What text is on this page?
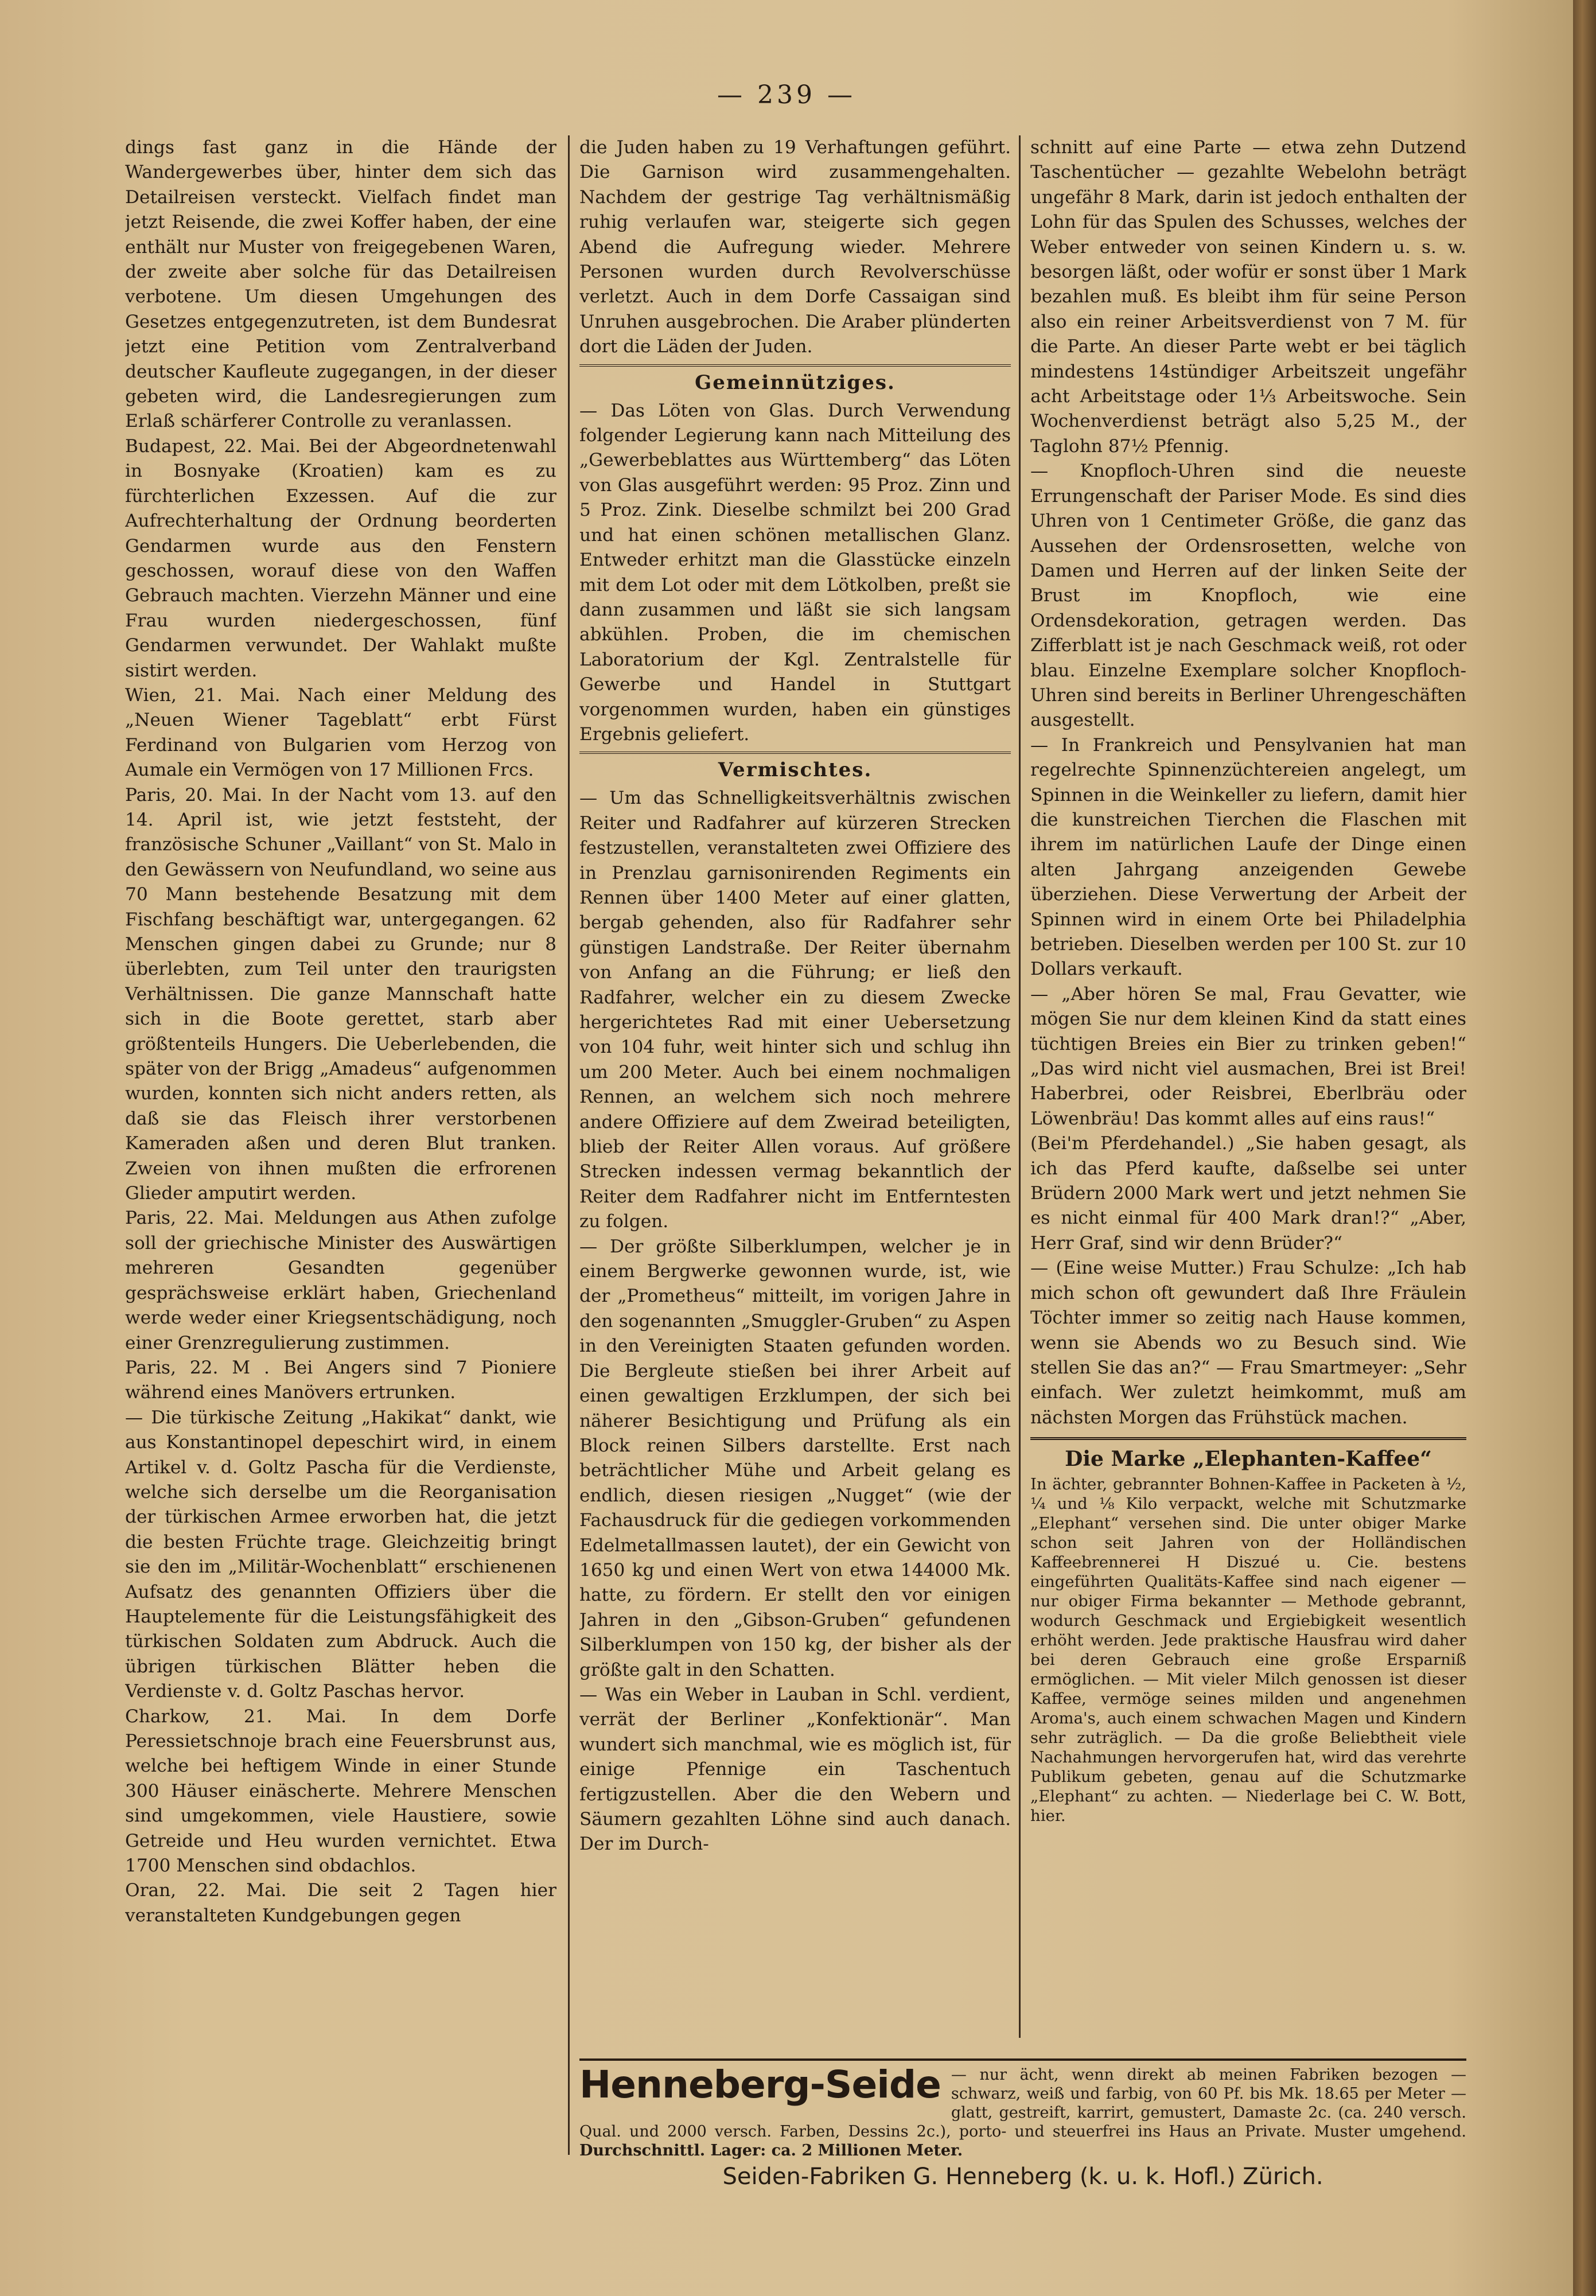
— 239 —

dings fast ganz in die Hände der Wandergewerbes über, hinter dem sich das Detailreisen versteckt. Vielfach findet man jetzt Reisende, die zwei Koffer haben, der eine enthält nur Muster von freigegebenen Waren, der zweite aber solche für das Detailreisen verbotene. Um diesen Umgehungen des Gesetzes entgegenzutreten, ist dem Bundesrat jetzt eine Petition vom Zentralverband deutscher Kaufleute zugegangen, in der dieser gebeten wird, die Landesregierungen zum Erlaß schärferer Controlle zu veranlassen.

Budapest, 22. Mai. Bei der Abgeordnetenwahl in Bosnyake (Kroatien) kam es zu fürchterlichen Exzessen. Auf die zur Aufrechterhaltung der Ordnung beorderten Gendarmen wurde aus den Fenstern geschossen, worauf diese von den Waffen Gebrauch machten. Vierzehn Männer und eine Frau wurden niedergeschossen, fünf Gendarmen verwundet. Der Wahlakt mußte sistirt werden.

Wien, 21. Mai. Nach einer Meldung des „Neuen Wiener Tageblatt“ erbt Fürst Ferdinand von Bulgarien vom Herzog von Aumale ein Vermögen von 17 Millionen Frcs.

Paris, 20. Mai. In der Nacht vom 13. auf den 14. April ist, wie jetzt feststeht, der französische Schuner „Vaillant“ von St. Malo in den Gewässern von Neufundland, wo seine aus 70 Mann bestehende Besatzung mit dem Fischfang beschäftigt war, untergegangen. 62 Menschen gingen dabei zu Grunde; nur 8 überlebten, zum Teil unter den traurigsten Verhältnissen. Die ganze Mannschaft hatte sich in die Boote gerettet, starb aber größtenteils Hungers. Die Ueberlebenden, die später von der Brigg „Amadeus“ aufgenommen wurden, konnten sich nicht anders retten, als daß sie das Fleisch ihrer verstorbenen Kameraden aßen und deren Blut tranken. Zweien von ihnen mußten die erfrorenen Glieder amputirt werden.

Paris, 22. Mai. Meldungen aus Athen zufolge soll der griechische Minister des Auswärtigen mehreren Gesandten gegenüber gesprächsweise erklärt haben, Griechenland werde weder einer Kriegsentschädigung, noch einer Grenzregulierung zustimmen.

Paris, 22. M . Bei Angers sind 7 Pioniere während eines Manövers ertrunken.

— Die türkische Zeitung „Hakikat“ dankt, wie aus Konstantinopel depeschirt wird, in einem Artikel v. d. Goltz Pascha für die Verdienste, welche sich derselbe um die Reorganisation der türkischen Armee erworben hat, die jetzt die besten Früchte trage. Gleichzeitig bringt sie den im „Militär-Wochenblatt“ erschienenen Aufsatz des genannten Offiziers über die Hauptelemente für die Leistungsfähigkeit des türkischen Soldaten zum Abdruck. Auch die übrigen türkischen Blätter heben die Verdienste v. d. Goltz Paschas hervor.

Charkow, 21. Mai. In dem Dorfe Peressietschnoje brach eine Feuersbrunst aus, welche bei heftigem Winde in einer Stunde 300 Häuser einäscherte. Mehrere Menschen sind umgekommen, viele Haustiere, sowie Getreide und Heu wurden vernichtet. Etwa 1700 Menschen sind obdachlos.

Oran, 22. Mai. Die seit 2 Tagen hier veranstalteten Kundgebungen gegen

die Juden haben zu 19 Verhaftungen geführt. Die Garnison wird zusammengehalten. Nachdem der gestrige Tag verhältnismäßig ruhig verlaufen war, steigerte sich gegen Abend die Aufregung wieder. Mehrere Personen wurden durch Revolverschüsse verletzt. Auch in dem Dorfe Cassaigan sind Unruhen ausgebrochen. Die Araber plünderten dort die Läden der Juden.

Gemeinnütziges.

— Das Löten von Glas. Durch Verwendung folgender Legierung kann nach Mitteilung des „Gewerbeblattes aus Württemberg“ das Löten von Glas ausgeführt werden: 95 Proz. Zinn und 5 Proz. Zink. Dieselbe schmilzt bei 200 Grad und hat einen schönen metallischen Glanz. Entweder erhitzt man die Glasstücke einzeln mit dem Lot oder mit dem Lötkolben, preßt sie dann zusammen und läßt sie sich langsam abkühlen. Proben, die im chemischen Laboratorium der Kgl. Zentralstelle für Gewerbe und Handel in Stuttgart vorgenommen wurden, haben ein günstiges Ergebnis geliefert.

Vermischtes.

— Um das Schnelligkeitsverhältnis zwischen Reiter und Radfahrer auf kürzeren Strecken festzustellen, veranstalteten zwei Offiziere des in Prenzlau garnisonirenden Regiments ein Rennen über 1400 Meter auf einer glatten, bergab gehenden, also für Radfahrer sehr günstigen Landstraße. Der Reiter übernahm von Anfang an die Führung; er ließ den Radfahrer, welcher ein zu diesem Zwecke hergerichtetes Rad mit einer Uebersetzung von 104 fuhr, weit hinter sich und schlug ihn um 200 Meter. Auch bei einem nochmaligen Rennen, an welchem sich noch mehrere andere Offiziere auf dem Zweirad beteiligten, blieb der Reiter Allen voraus. Auf größere Strecken indessen vermag bekanntlich der Reiter dem Radfahrer nicht im Entferntesten zu folgen.

— Der größte Silberklumpen, welcher je in einem Bergwerke gewonnen wurde, ist, wie der „Prometheus“ mitteilt, im vorigen Jahre in den sogenannten „Smuggler-Gruben“ zu Aspen in den Vereinigten Staaten gefunden worden. Die Bergleute stießen bei ihrer Arbeit auf einen gewaltigen Erzklumpen, der sich bei näherer Besichtigung und Prüfung als ein Block reinen Silbers darstellte. Erst nach beträchtlicher Mühe und Arbeit gelang es endlich, diesen riesigen „Nugget“ (wie der Fachausdruck für die gediegen vorkommenden Edelmetallmassen lautet), der ein Gewicht von 1650 kg und einen Wert von etwa 144000 Mk. hatte, zu fördern. Er stellt den vor einigen Jahren in den „Gibson-Gruben“ gefundenen Silberklumpen von 150 kg, der bisher als der größte galt in den Schatten.

— Was ein Weber in Lauban in Schl. verdient, verrät der Berliner „Konfektionär“. Man wundert sich manchmal, wie es möglich ist, für einige Pfennige ein Taschentuch fertigzustellen. Aber die den Webern und Säumern gezahlten Löhne sind auch danach. Der im Durch-

schnitt auf eine Parte — etwa zehn Dutzend Taschentücher — gezahlte Webelohn beträgt ungefähr 8 Mark, darin ist jedoch enthalten der Lohn für das Spulen des Schusses, welches der Weber entweder von seinen Kindern u. s. w. besorgen läßt, oder wofür er sonst über 1 Mark bezahlen muß. Es bleibt ihm für seine Person also ein reiner Arbeitsverdienst von 7 M. für die Parte. An dieser Parte webt er bei täglich mindestens 14stündiger Arbeitszeit ungefähr acht Arbeitstage oder 1⅓ Arbeitswoche. Sein Wochenverdienst beträgt also 5,25 M., der Taglohn 87½ Pfennig.

— Knopfloch-Uhren sind die neueste Errungenschaft der Pariser Mode. Es sind dies Uhren von 1 Centimeter Größe, die ganz das Aussehen der Ordensrosetten, welche von Damen und Herren auf der linken Seite der Brust im Knopfloch, wie eine Ordensdekoration, getragen werden. Das Zifferblatt ist je nach Geschmack weiß, rot oder blau. Einzelne Exemplare solcher Knopfloch-Uhren sind bereits in Berliner Uhrengeschäften ausgestellt.

— In Frankreich und Pensylvanien hat man regelrechte Spinnenzüchtereien angelegt, um Spinnen in die Weinkeller zu liefern, damit hier die kunstreichen Tierchen die Flaschen mit ihrem im natürlichen Laufe der Dinge einen alten Jahrgang anzeigenden Gewebe überziehen. Diese Verwertung der Arbeit der Spinnen wird in einem Orte bei Philadelphia betrieben. Dieselben werden per 100 St. zur 10 Dollars verkauft.

— „Aber hören Se mal, Frau Gevatter, wie mögen Sie nur dem kleinen Kind da statt eines tüchtigen Breies ein Bier zu trinken geben!“ „Das wird nicht viel ausmachen, Brei ist Brei! Haberbrei, oder Reisbrei, Eberlbräu oder Löwenbräu! Das kommt alles auf eins raus!“

(Bei'm Pferdehandel.) „Sie haben gesagt, als ich das Pferd kaufte, daßselbe sei unter Brüdern 2000 Mark wert und jetzt nehmen Sie es nicht einmal für 400 Mark dran!?“ „Aber, Herr Graf, sind wir denn Brüder?“

— (Eine weise Mutter.) Frau Schulze: „Ich hab mich schon oft gewundert daß Ihre Fräulein Töchter immer so zeitig nach Hause kommen, wenn sie Abends wo zu Besuch sind. Wie stellen Sie das an?“ — Frau Smartmeyer: „Sehr einfach. Wer zuletzt heimkommt, muß am nächsten Morgen das Frühstück machen.

Die Marke „Elephanten-Kaffee“

In ächter, gebrannter Bohnen-Kaffee in Packeten à ½, ¼ und ⅛ Kilo verpackt, welche mit Schutzmarke „Elephant“ versehen sind. Die unter obiger Marke schon seit Jahren von der Holländischen Kaffeebrennerei H Diszué u. Cie. bestens eingeführten Qualitäts-Kaffee sind nach eigener — nur obiger Firma bekannter — Methode gebrannt, wodurch Geschmack und Ergiebigkeit wesentlich erhöht werden. Jede praktische Hausfrau wird daher bei deren Gebrauch eine große Ersparniß ermöglichen. — Mit vieler Milch genossen ist dieser Kaffee, vermöge seines milden und angenehmen Aroma's, auch einem schwachen Magen und Kindern sehr zuträglich. — Da die große Beliebtheit viele Nachahmungen hervorgerufen hat, wird das verehrte Publikum gebeten, genau auf die Schutzmarke „Elephant“ zu achten. — Niederlage bei C. W. Bott, hier.

Henneberg-Seide — nur ächt, wenn direkt ab meinen Fabriken bezogen — schwarz, weiß und farbig, von 60 Pf. bis Mk. 18.65 per Meter — glatt, gestreift, karrirt, gemustert, Damaste 2c. (ca. 240 versch. Qual. und 2000 versch. Farben, Dessins 2c.), porto- und steuerfrei ins Haus an Private. Muster umgehend. Durchschnittl. Lager: ca. 2 Millionen Meter.

Seiden-Fabriken G. Henneberg (k. u. k. Hofl.) Zürich.
